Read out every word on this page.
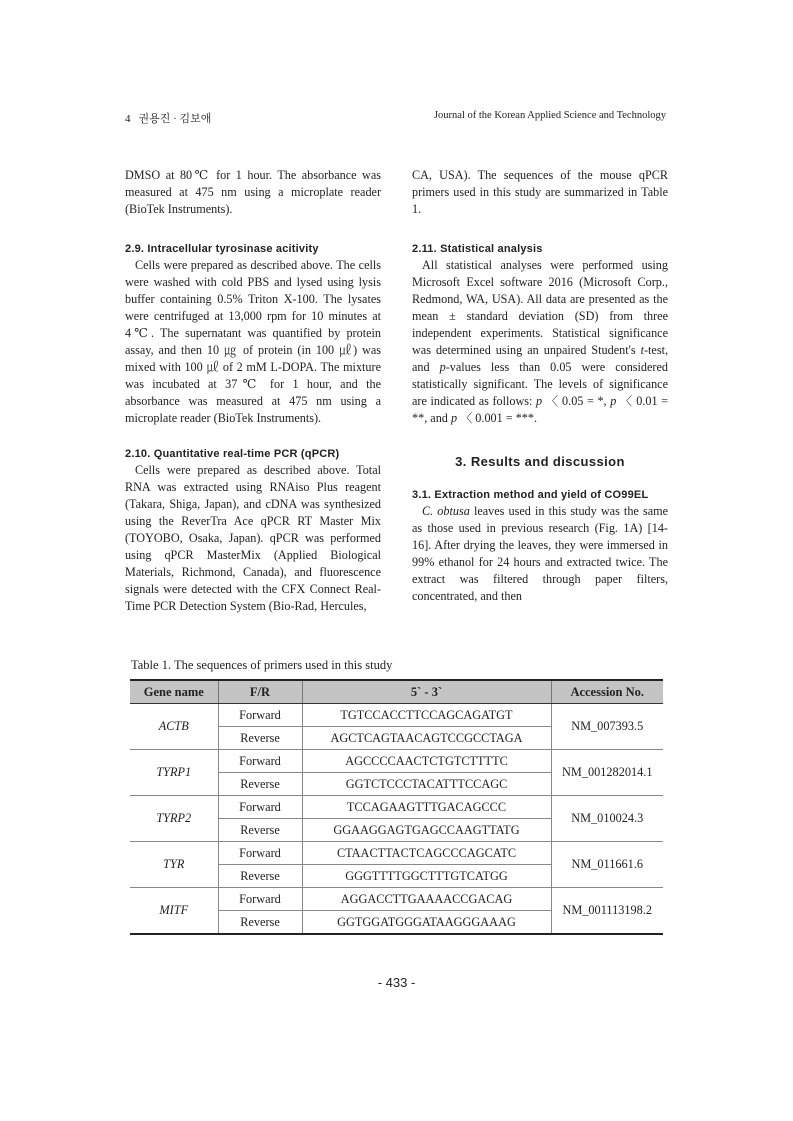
4 권용진 · 김보애	Journal of the Korean Applied Science and Technology

DMSO at 80℃ for 1 hour. The absorbance was measured at 475 nm using a microplate reader (BioTek Instruments).

2.9. Intracellular tyrosinase acitivity

Cells were prepared as described above. The cells were washed with cold PBS and lysed using lysis buffer containing 0.5% Triton X-100. The lysates were centrifuged at 13,000 rpm for 10 minutes at 4℃. The supernatant was quantified by protein assay, and then 10 ㎍ of protein (in 100 ㎕) was mixed with 100 ㎕ of 2 mM L-DOPA. The mixture was incubated at 37℃ for 1 hour, and the absorbance was measured at 475 nm using a microplate reader (BioTek Instruments).

2.10. Quantitative real-time PCR (qPCR)

Cells were prepared as described above. Total RNA was extracted using RNAiso Plus reagent (Takara, Shiga, Japan), and cDNA was synthesized using the ReverTra Ace qPCR RT Master Mix (TOYOBO, Osaka, Japan). qPCR was performed using qPCR MasterMix (Applied Biological Materials, Richmond, Canada), and fluorescence signals were detected with the CFX Connect Real-Time PCR Detection System (Bio-Rad, Hercules,

CA, USA). The sequences of the mouse qPCR primers used in this study are summarized in Table 1.

2.11. Statistical analysis

All statistical analyses were performed using Microsoft Excel software 2016 (Microsoft Corp., Redmond, WA, USA). All data are presented as the mean ± standard deviation (SD) from three independent experiments. Statistical significance was determined using an unpaired Student's t-test, and p-values less than 0.05 were considered statistically significant. The levels of significance are indicated as follows: p 〈 0.05 = *, p 〈 0.01 = **, and p 〈 0.001 = ***.

3. Results and discussion

3.1. Extraction method and yield of CO99EL

C. obtusa leaves used in this study was the same as those used in previous research (Fig. 1A) [14-16]. After drying the leaves, they were immersed in 99% ethanol for 24 hours and extracted twice. The extract was filtered through paper filters, concentrated, and then

Table 1. The sequences of primers used in this study
Gene name	F/R	5` - 3`	Accession No.
ACTB	Forward	TGTCCACCTTCCAGCAGATGT	NM_007393.5
	Reverse	AGCTCAGTAACAGTCCGCCTAGA	
TYRP1	Forward	AGCCCCAACTCTGTCTTTTC	NM_001282014.1
	Reverse	GGTCTCCCTACATTTCCAGC	
TYRP2	Forward	TCCAGAAGTTTGACAGCCC	NM_010024.3
	Reverse	GGAAGGAGTGAGCCAAGTTATG	
TYR	Forward	CTAACTTACTCAGCCCAGCATC	NM_011661.6
	Reverse	GGGTTTTGGCTTTGTCATGG	
MITF	Forward	AGGACCTTGAAAACCGACAG	NM_001113198.2
	Reverse	GGTGGATGGGATAAGGGAAAG	
- 433 -
